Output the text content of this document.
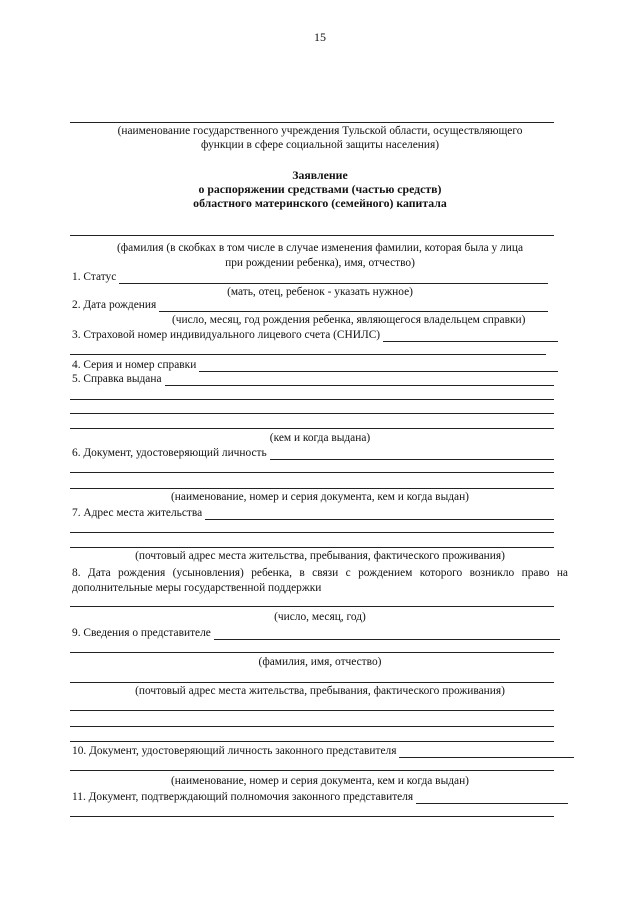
15
(наименование государственного учреждения Тульской области, осуществляющего
функции в сфере социальной защиты населения)
Заявление
о распоряжении средствами (частью средств)
областного материнского (семейного) капитала
(фамилия (в скобках в том числе в случае изменения фамилии, которая была у лица
при рождении ребенка), имя, отчество)
1. Статус
(мать, отец, ребенок - указать нужное)
2. Дата рождения
(число, месяц, год рождения ребенка, являющегося владельцем справки)
3. Страховой номер индивидуального лицевого счета (СНИЛС)
4. Серия и номер справки
5. Справка выдана
(кем и когда выдана)
6. Документ, удостоверяющий личность
(наименование, номер и серия документа, кем и когда выдан)
7. Адрес места жительства
(почтовый адрес места жительства, пребывания, фактического проживания)
8. Дата рождения (усыновления) ребенка, в связи с рождением которого возникло право на
дополнительные меры государственной поддержки
(число, месяц, год)
9. Сведения о представителе
(фамилия, имя, отчество)
(почтовый адрес места жительства, пребывания, фактического проживания)
10. Документ, удостоверяющий личность законного представителя
(наименование, номер и серия документа, кем и когда выдан)
11. Документ, подтверждающий полномочия законного представителя
